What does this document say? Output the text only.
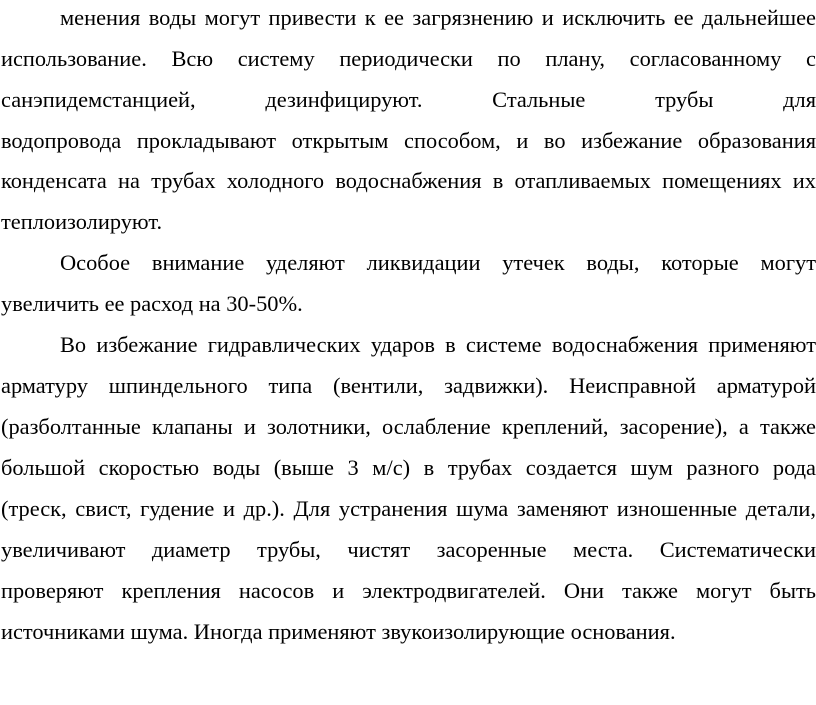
менения воды могут привести к ее загрязнению и исключить ее дальнейшее
использование. Всю систему периодически по плану, согласованному с
санэпидемстанцией, дезинфицируют. Стальные трубы для
водопровода прокладывают открытым способом, и во избежание образования
конденсата на трубах холодного водоснабжения в отапливаемых помещениях их
теплоизолируют.
Особое внимание уделяют ликвидации утечек воды, которые могут
увеличить ее расход на 30-50%.
Во избежание гидравлических ударов в системе водоснабжения применяют
арматуру шпиндельного типа (вентили, задвижки). Неисправной арматурой
(разболтанные клапаны и золотники, ослабление креплений, засорение), а также
большой скоростью воды (выше 3 м/с) в трубах создается шум разного рода
(треск, свист, гудение и др.). Для устранения шума заменяют изношенные детали,
увеличивают диаметр трубы, чистят засоренные места. Систематически
проверяют крепления насосов и электродвигателей. Они также могут быть
источниками шума. Иногда применяют звукоизолирующие основания.
